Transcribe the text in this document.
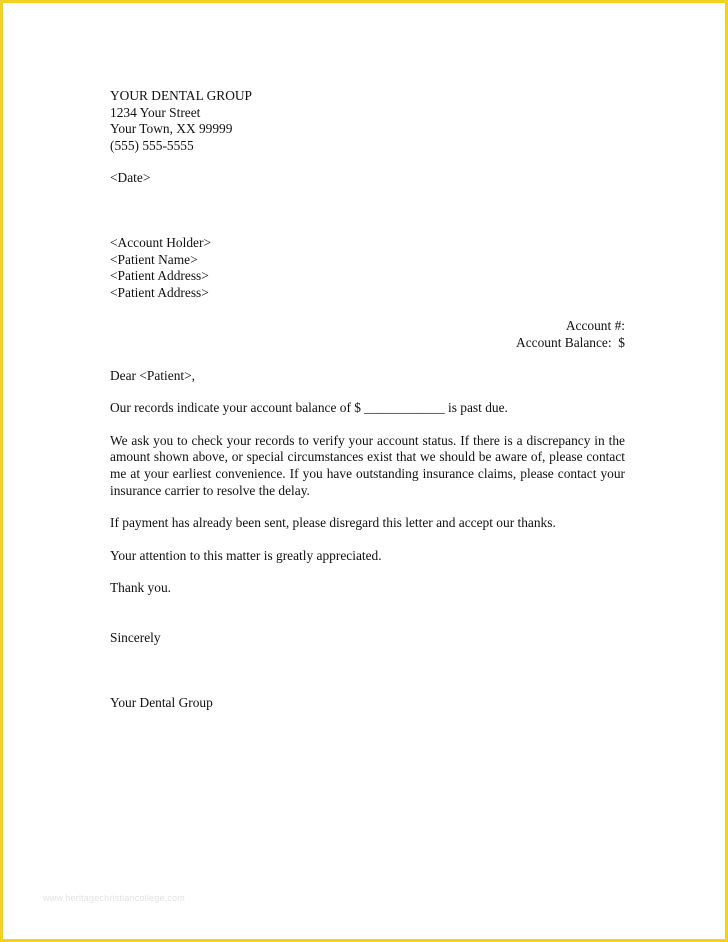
YOUR DENTAL GROUP
1234 Your Street
Your Town, XX 99999
(555) 555-5555
<Date>
<Account Holder>
<Patient Name>
<Patient Address>
<Patient Address>
Account #:
Account Balance:  $
Dear <Patient>,
Our records indicate your account balance of $ ____________ is past due.
We ask you to check your records to verify your account status. If there is a discrepancy in the amount shown above, or special circumstances exist that we should be aware of, please contact me at your earliest convenience. If you have outstanding insurance claims, please contact your insurance carrier to resolve the delay.
If payment has already been sent, please disregard this letter and accept our thanks.
Your attention to this matter is greatly appreciated.
Thank you.
Sincerely
Your Dental Group
www.heritagechristiancollege.com
